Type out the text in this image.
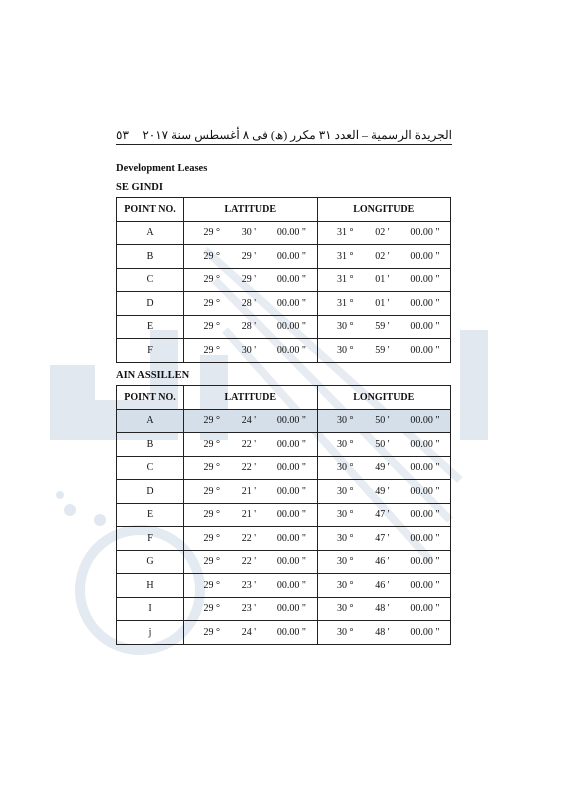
٥٣ الجريدة الرسمية – العدد ٣١ مكرر (ھ) فى ٨ أغسطس سنة ٢٠١٧
Development Leases
SE GINDI
POINT NO.	LATITUDE	LONGITUDE
A	29 ° 30 ' 00.00 "	31 ° 02 ' 00.00 "

B	29 ° 29 ' 00.00 "	31 ° 02 ' 00.00 "

C	29 ° 29 ' 00.00 "	31 ° 01 ' 00.00 "

D	29 ° 28 ' 00.00 "	31 ° 01 ' 00.00 "

E	29 ° 28 ' 00.00 "	30 ° 59 ' 00.00 "

F	29 ° 30 ' 00.00 "	30 ° 59 ' 00.00 "
AIN ASSILLEN
POINT NO.	LATITUDE	LONGITUDE
A	29 ° 24 ' 00.00 "	30 ° 50 ' 00.00 "

B	29 ° 22 ' 00.00 "	30 ° 50 ' 00.00 "

C	29 ° 22 ' 00.00 "	30 ° 49 ' 00.00 "

D	29 ° 21 ' 00.00 "	30 ° 49 ' 00.00 "

E	29 ° 21 ' 00.00 "	30 ° 47 ' 00.00 "

F	29 ° 22 ' 00.00 "	30 ° 47 ' 00.00 "

G	29 ° 22 ' 00.00 "	30 ° 46 ' 00.00 "

H	29 ° 23 ' 00.00 "	30 ° 46 ' 00.00 "

I	29 ° 23 ' 00.00 "	30 ° 48 ' 00.00 "

j	29 ° 24 ' 00.00 "	30 ° 48 ' 00.00 "
